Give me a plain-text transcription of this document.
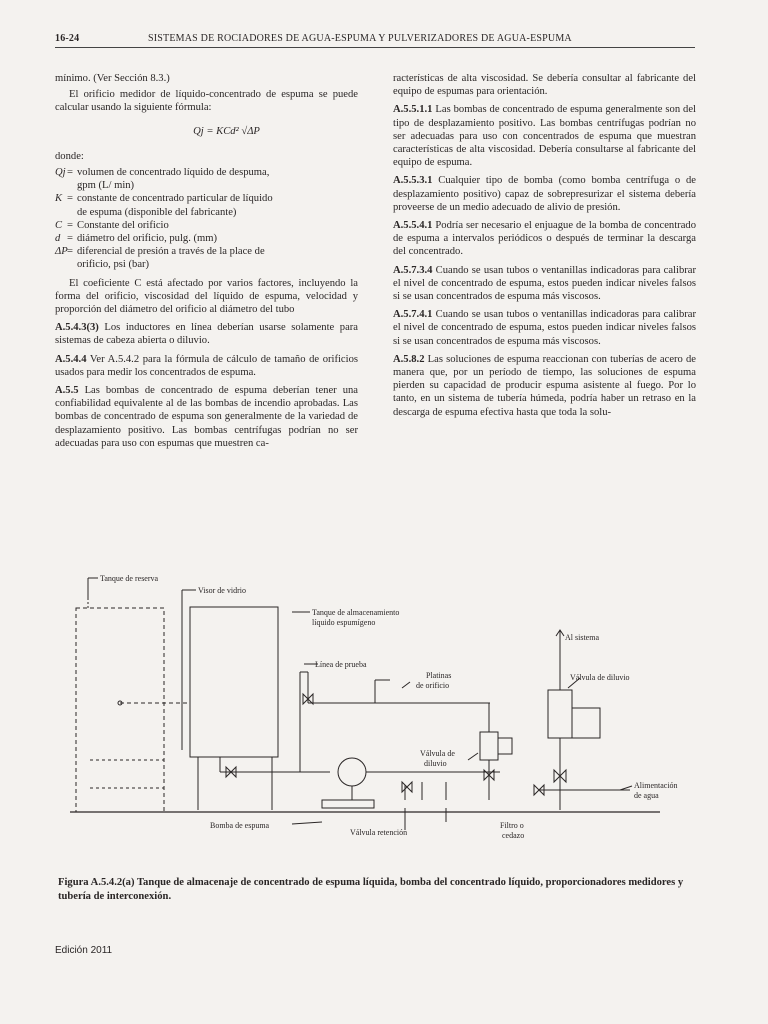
16-24	SISTEMAS DE ROCIADORES DE AGUA-ESPUMA Y PULVERIZADORES DE AGUA-ESPUMA

mínimo. (Ver Sección 8.3.)

El orificio medidor de líquido-concentrado de espuma se puede calcular usando la siguiente fórmula:

Qj = KCd² √ΔP

donde:

Qj = volumen de concentrado líquido de despuma,
gpm (L/ min)
K = constante de concentrado particular de líquido
de espuma (disponible del fabricante)
C = Constante del orificio
d = diámetro del orificio, pulg. (mm)
ΔP = diferencial de presión a través de la place de
orificio, psi (bar)

El coeficiente C está afectado por varios factores, incluyendo la forma del orificio, viscosidad del líquido de espuma, velocidad y proporción del diámetro del orificio al diámetro del tubo

A.5.4.3(3) Los inductores en línea deberían usarse solamente para sistemas de cabeza abierta o diluvio.

A.5.4.4 Ver A.5.4.2 para la fórmula de cálculo de tamaño de orificios usados para medir los concentrados de espuma.

A.5.5 Las bombas de concentrado de espuma deberían tener una confiabilidad equivalente al de las bombas de incendio aprobadas. Las bombas de concentrado de espuma son generalmente de la variedad de desplazamiento positivo. Las bombas centrífugas podrían no ser adecuadas para uso con espumas que muestren ca-

racterísticas de alta viscosidad. Se debería consultar al fabricante del equipo de espumas para orientación.

A.5.5.1.1 Las bombas de concentrado de espuma generalmente son del tipo de desplazamiento positivo. Las bombas centrífugas podrían no ser adecuadas para uso con concentrados de espuma que muestran características de alta viscosidad. Debería consultarse al fabricante del equipo de espuma.

A.5.5.3.1 Cualquier tipo de bomba (como bomba centrífuga o de desplazamiento positivo) capaz de sobrepresurizar el sistema debería proveerse de un medio adecuado de alivio de presión.

A.5.5.4.1 Podría ser necesario el enjuague de la bomba de concentrado de espuma a intervalos periódicos o después de terminar la descarga del concentrado.

A.5.7.3.4 Cuando se usan tubos o ventanillas indicadoras para calibrar el nivel de concentrado de espuma, estos pueden indicar niveles falsos si se usan concentrados de espuma más viscosos.

A.5.7.4.1 Cuando se usan tubos o ventanillas indicadoras para calibrar el nivel de concentrado de espuma, estos pueden indicar niveles falsos si se usan concentrados de espuma más viscosos.

A.5.8.2 Las soluciones de espuma reaccionan con tuberías de acero de manera que, por un período de tiempo, las soluciones de espuma pierden su capacidad de producir espuma asistente al fuego. Por lo tanto, en un sistema de tubería húmeda, podría haber un retraso en la descarga de espuma efectiva hasta que toda la solu-

Tanque de reserva
Visor de vidrio
Tanque de almacenamiento
líquido espumígeno
Al sistema
Línea de prueba
Platinas
de orificio
Válvula de diluvio
Válvula de
diluvio
Alimentación
de agua
Bomba de espuma
Válvula retención
Filtro o
cedazo
Figura A.5.4.2(a) Tanque de almacenaje de concentrado de espuma líquida, bomba del concentrado líquido, proporcionadores medidores y tubería de interconexión.
Edición 2011
